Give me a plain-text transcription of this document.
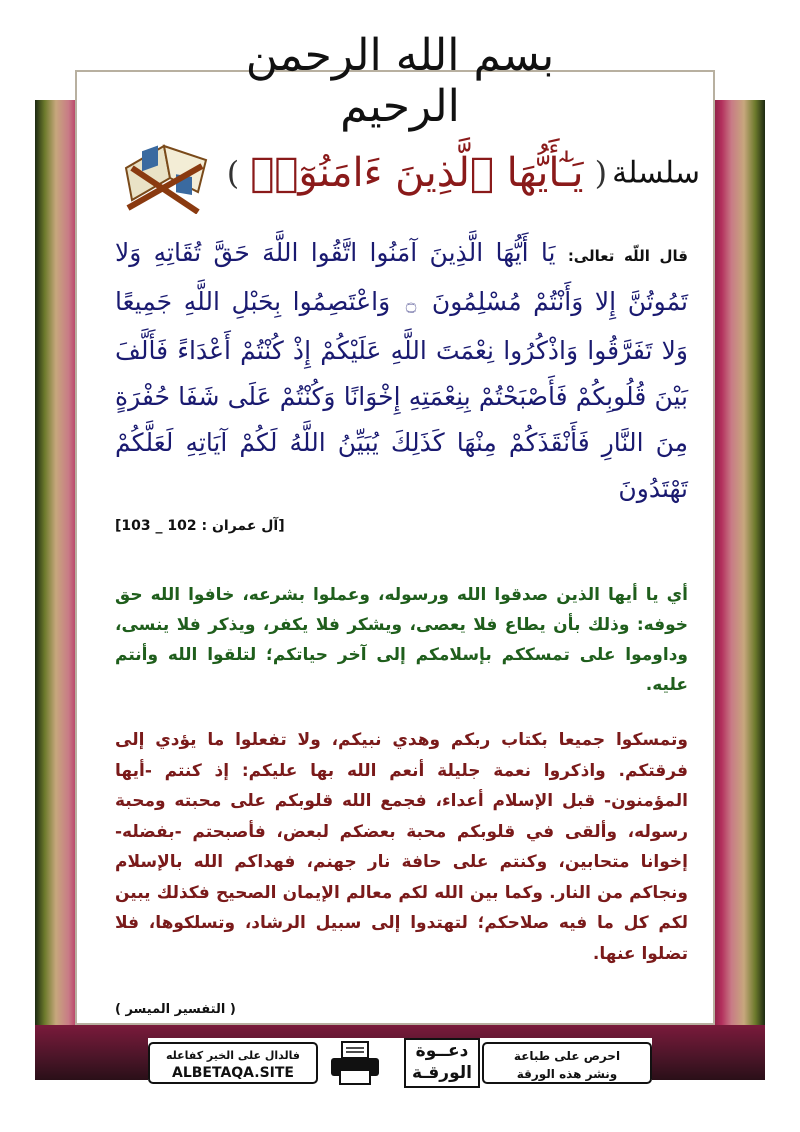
بسم الله الرحمن الرحيم
سلسلة ( يَـٰٓأَيُّهَا ٱلَّذِينَ ءَامَنُوٓا۟ )
قال اللّه تعالى: يَا أَيُّهَا الَّذِينَ آمَنُوا اتَّقُوا اللَّهَ حَقَّ تُقَاتِهِ وَلا تَمُوتُنَّ إِلا وَأَنْتُمْ مُسْلِمُونَ ۝ وَاعْتَصِمُوا بِحَبْلِ اللَّهِ جَمِيعًا وَلا تَفَرَّقُوا وَاذْكُرُوا نِعْمَتَ اللَّهِ عَلَيْكُمْ إِذْ كُنْتُمْ أَعْدَاءً فَأَلَّفَ بَيْنَ قُلُوبِكُمْ فَأَصْبَحْتُمْ بِنِعْمَتِهِ إِخْوَانًا وَكُنْتُمْ عَلَى شَفَا حُفْرَةٍ مِنَ النَّارِ فَأَنْقَذَكُمْ مِنْهَا كَذَلِكَ يُبَيِّنُ اللَّهُ لَكُمْ آيَاتِهِ لَعَلَّكُمْ تَهْتَدُونَ
[آل عمران : 102 _ 103]
أي يا أيها الذين صدقوا الله ورسوله، وعملوا بشرعه، خافوا الله حق خوفه: وذلك بأن يطاع فلا يعصى، ويشكر فلا يكفر، ويذكر فلا ينسى، وداوموا على تمسككم بإسلامكم إلى آخر حياتكم؛ لتلقوا الله وأنتم عليه.
وتمسكوا جميعا بكتاب ربكم وهدي نبيكم، ولا تفعلوا ما يؤدي إلى فرقتكم. واذكروا نعمة جليلة أنعم الله بها عليكم: إذ كنتم -أيها المؤمنون- قبل الإسلام أعداء، فجمع الله قلوبكم على محبته ومحبة رسوله، وألقى في قلوبكم محبة بعضكم لبعض، فأصبحتم -بفضله- إخوانا متحابين، وكنتم على حافة نار جهنم، فهداكم الله بالإسلام ونجاكم من النار. وكما بين الله لكم معالم الإيمان الصحيح فكذلك يبين لكم كل ما فيه صلاحكم؛ لتهتدوا إلى سبيل الرشاد، وتسلكوها، فلا تضلوا عنها.
( التفسير الميسر )
فالدال على الخير كفاعله
ALBETAQA.SITE
دعــوة
الورقـة
احرص على طباعة
ونشر هذه الورقة
